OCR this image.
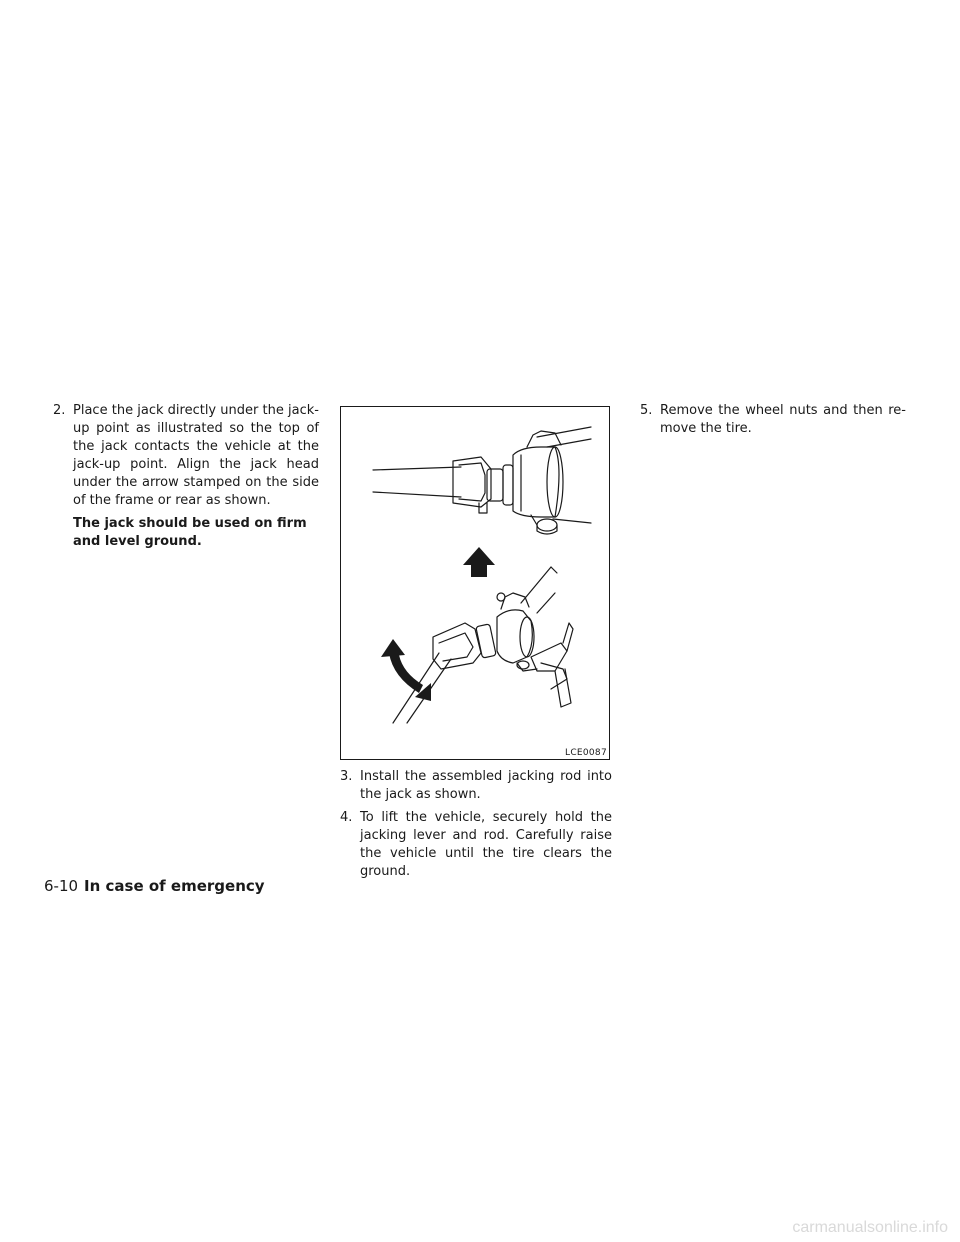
2. Place the jack directly under the jack-up point as illustrated so the top of the jack contacts the vehicle at the jack-up point. Align the jack head under the arrow stamped on the side of the frame or rear as shown.

The jack should be used on firm and level ground.

LCE0087

3. Install the assembled jacking rod into the jack as shown.

4. To lift the vehicle, securely hold the jacking lever and rod. Carefully raise the vehicle until the tire clears the ground.

5. Remove the wheel nuts and then re-move the tire.

6-10 In case of emergency
carmanualsonline.info
